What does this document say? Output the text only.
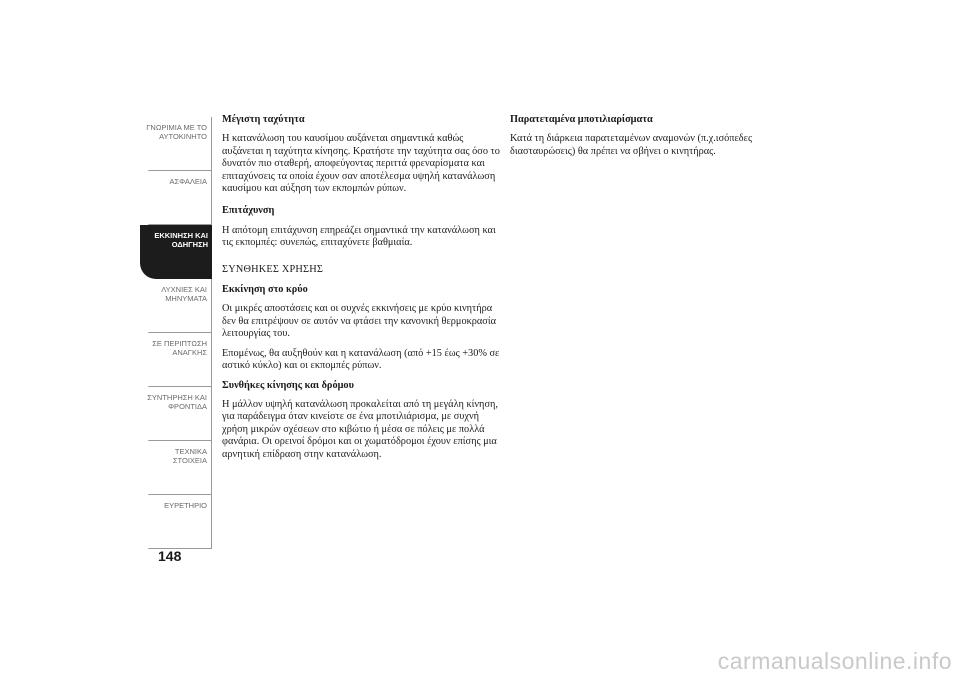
ΓΝΩΡΙΜΙΑ ΜΕ ΤΟ
ΑΥΤΟΚΙΝΗΤΟ
ΑΣΦΑΛΕΙΑ
ΕΚΚΙΝΗΣΗ ΚΑΙ
ΟΔΗΓΗΣΗ
ΛΥΧΝΙΕΣ ΚΑΙ
ΜΗΝΥΜΑΤΑ
ΣΕ ΠΕΡΙΠΤΩΣΗ
ΑΝΑΓΚΗΣ
ΣΥΝΤΗΡΗΣΗ ΚΑΙ
ΦΡΟΝΤΙΔΑ
ΤΕΧΝΙΚΑ ΣΤΟΙΧΕΙΑ
ΕΥΡΕΤΗΡΙΟ
148

Μέγιστη ταχύτητα

Η κατανάλωση του καυσίμου αυξάνεται σημαντικά καθώς αυξάνεται η ταχύτητα κίνησης. Κρατήστε την ταχύτητα σας όσο το δυνατόν πιο σταθερή, αποφεύγοντας περιττά φρεναρίσματα και επιταχύνσεις τα οποία έχουν σαν αποτέλεσμα υψηλή κατανάλωση καυσίμου και αύξηση των εκπομπών ρύπων.

Επιτάχυνση

Η απότομη επιτάχυνση επηρεάζει σημαντικά την κατανάλωση και τις εκπομπές: συνεπώς, επιταχύνετε βαθμιαία.

ΣΥΝΘΗΚΕΣ ΧΡΗΣΗΣ

Εκκίνηση στο κρύο

Οι μικρές αποστάσεις και οι συχνές εκκινήσεις με κρύο κινητήρα δεν θα επιτρέψουν σε αυτόν να φτάσει την κανονική θερμοκρασία λειτουργίας του.

Επομένως, θα αυξηθούν και η κατανάλωση (από +15 έως +30% σε αστικό κύκλο) και οι εκπομπές ρύπων.

Συνθήκες κίνησης και δρόμου

Η μάλλον υψηλή κατανάλωση προκαλείται από τη μεγάλη κίνηση, για παράδειγμα όταν κινείστε σε ένα μποτιλιάρισμα, με συχνή χρήση μικρών σχέσεων στο κιβώτιο ή μέσα σε πόλεις με πολλά φανάρια. Οι ορεινοί δρόμοι και οι χωματόδρομοι έχουν επίσης μια αρνητική επίδραση στην κατανάλωση.

Παρατεταμένα μποτιλιαρίσματα

Κατά τη διάρκεια παρατεταμένων αναμονών (π.χ.ισόπεδες διασταυρώσεις) θα πρέπει να σβήνει ο κινητήρας.

carmanualsonline.info
